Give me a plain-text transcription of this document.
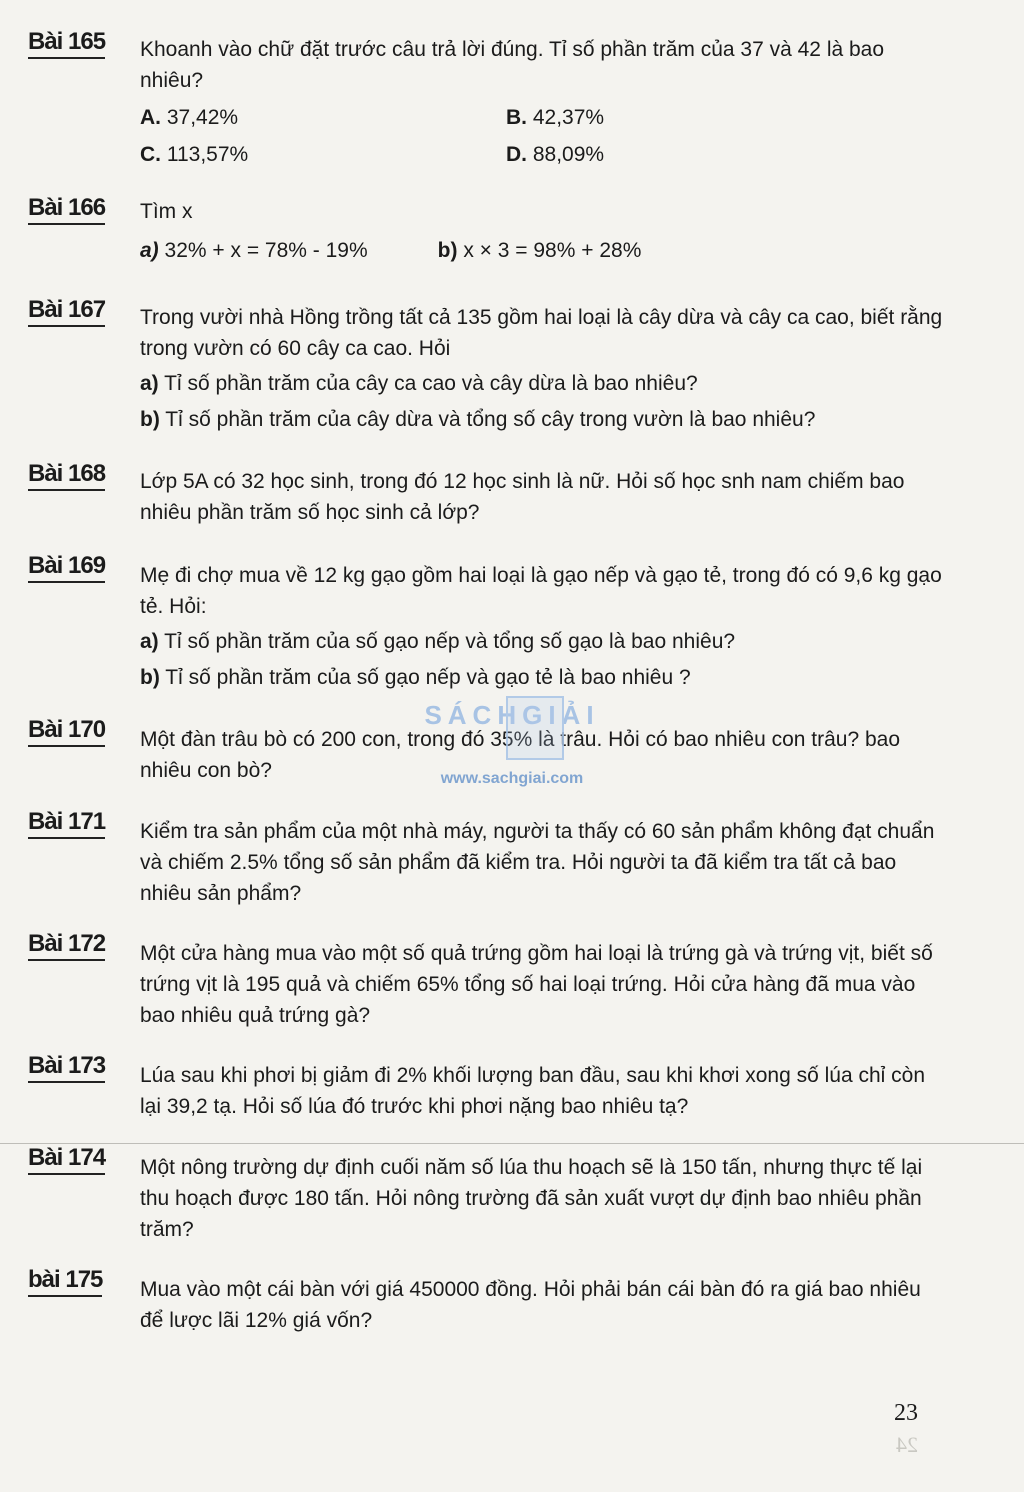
Bài 165 Khoanh vào chữ đặt trước câu trả lời đúng. Tỉ số phần trăm của 37 và 42 là bao nhiêu?

A. 37,42%	B. 42,37%
C. 113,57%	D. 88,09%
Bài 166 Tìm x

a) 32% + x = 78% - 19%	b) x × 3 = 98% + 28%
Bài 167 Trong vười nhà Hồng trồng tất cả 135 gồm hai loại là cây dừa và cây ca cao, biết rằng trong vườn có 60 cây ca cao. Hỏi

a) Tỉ số phần trăm của cây ca cao và cây dừa là bao nhiêu?

b) Tỉ số phần trăm của cây dừa và tổng số cây trong vườn là bao nhiêu?

Bài 168 Lớp 5A có 32 học sinh, trong đó 12 học sinh là nữ. Hỏi số học snh nam chiếm bao nhiêu phần trăm số học sinh cả lớp?

Bài 169 Mẹ đi chợ mua về 12 kg gạo gồm hai loại là gạo nếp và gạo tẻ, trong đó có 9,6 kg gạo tẻ. Hỏi:

a) Tỉ số phần trăm của số gạo nếp và tổng số gạo là bao nhiêu?

b) Tỉ số phần trăm của số gạo nếp và gạo tẻ là bao nhiêu ?

Bài 170 Một đàn trâu bò có 200 con, trong đó 35% là trâu. Hỏi có bao nhiêu con trâu? bao nhiêu con bò?

Bài 171 Kiểm tra sản phẩm của một nhà máy, người ta thấy có 60 sản phẩm không đạt chuẩn và chiếm 2.5% tổng số sản phẩm đã kiểm tra. Hỏi người ta đã kiểm tra tất cả bao nhiêu sản phẩm?

Bài 172 Một cửa hàng mua vào một số quả trứng gồm hai loại là trứng gà và trứng vịt, biết số trứng vịt là 195 quả và chiếm 65% tổng số hai loại trứng. Hỏi cửa hàng đã mua vào bao nhiêu quả trứng gà?

Bài 173 Lúa sau khi phơi bị giảm đi 2% khối lượng ban đầu, sau khi khơi xong số lúa chỉ còn lại 39,2 tạ. Hỏi số lúa đó trước khi phơi nặng bao nhiêu tạ?

Bài 174 Một nông trường dự định cuối năm số lúa thu hoạch sẽ là 150 tấn, nhưng thực tế lại thu hoạch được 180 tấn. Hỏi nông trường đã sản xuất vượt dự định bao nhiêu phần trăm?

bài 175 Mua vào một cái bàn với giá 450000 đồng. Hỏi phải bán cái bàn đó ra giá bao nhiêu để lược lãi 12% giá vốn?

SÁCHGIẢI
www.sachgiai.com
23
24
